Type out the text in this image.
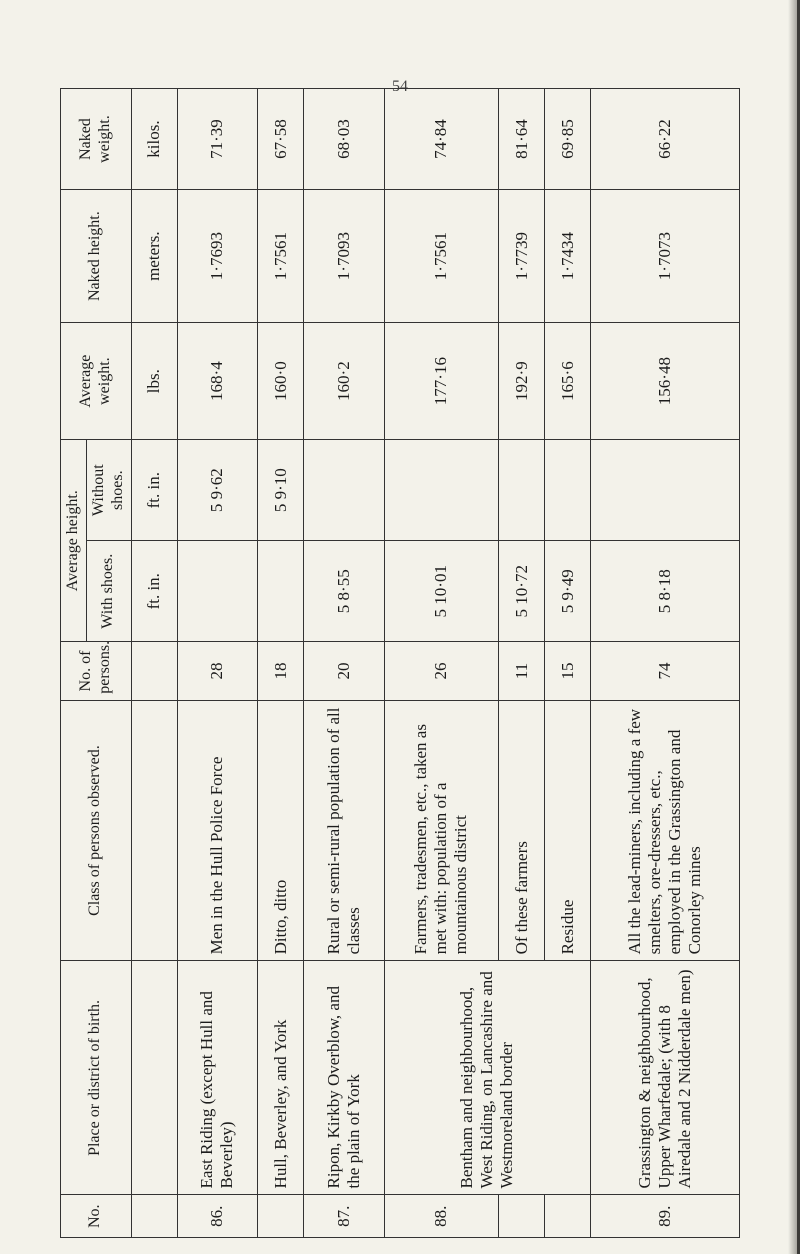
54
No.	Place or district of birth.	Class of persons observed.	No. of persons.	Average height.		Average weight.	Naked height.	Naked weight.
				With shoes.	Without shoes.			
				ft. in.	ft. in.	lbs.	meters.	kilos.
86.	East Riding (except Hull and Beverley)	Men in the Hull Police Force	28		5 9·62	168·4	1·7693	71·39
	Hull, Beverley, and York	Ditto, ditto	18		5 9·10	160·0	1·7561	67·58
87.	Ripon, Kirkby Overblow, and the plain of York	Rural or semi-rural population of all classes	20	5 8·55		160·2	1·7093	68·03
88.	Bentham and neighbourhood, West Riding, on Lancashire and Westmoreland border	Farmers, tradesmen, etc., taken as met with: population of a mountainous district	26	5 10·01		177·16	1·7561	74·84
		Of these farmers	11	5 10·72		192·9	1·7739	81·64
		Residue	15	5 9·49		165·6	1·7434	69·85
89.	Grassington & neighbourhood, Upper Wharfedale; (with 8 Airedale and 2 Nidderdale men)	All the lead-miners, including a few smelters, ore-dressers, etc., employed in the Grassington and Conorley mines	74	5 8·18		156·48	1·7073	66·22
